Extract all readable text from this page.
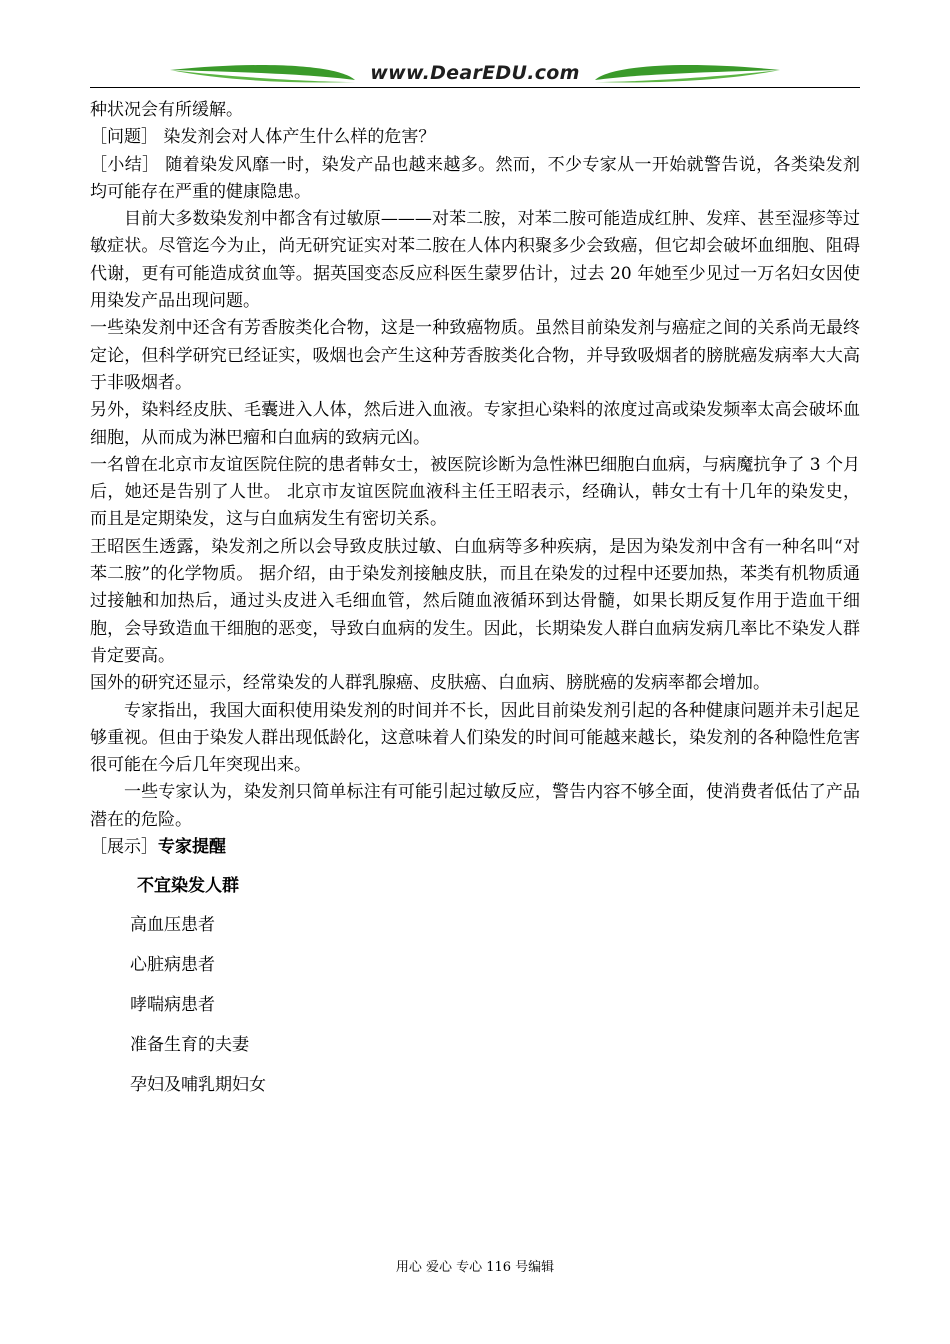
www.DearEDU.com

种状况会有所缓解。

［问题］ 染发剂会对人体产生什么样的危害？

［小结］ 随着染发风靡一时，染发产品也越来越多。然而，不少专家从一开始就警告说，各类染发剂均可能存在严重的健康隐患。

目前大多数染发剂中都含有过敏原———对苯二胺，对苯二胺可能造成红肿、发痒、甚至湿疹等过敏症状。尽管迄今为止，尚无研究证实对苯二胺在人体内积聚多少会致癌，但它却会破坏血细胞、阻碍代谢，更有可能造成贫血等。据英国变态反应科医生蒙罗估计，过去 20 年她至少见过一万名妇女因使用染发产品出现问题。

一些染发剂中还含有芳香胺类化合物，这是一种致癌物质。虽然目前染发剂与癌症之间的关系尚无最终定论，但科学研究已经证实，吸烟也会产生这种芳香胺类化合物，并导致吸烟者的膀胱癌发病率大大高于非吸烟者。

另外，染料经皮肤、毛囊进入人体，然后进入血液。专家担心染料的浓度过高或染发频率太高会破坏血细胞，从而成为淋巴瘤和白血病的致病元凶。

一名曾在北京市友谊医院住院的患者韩女士，被医院诊断为急性淋巴细胞白血病，与病魔抗争了 3 个月后，她还是告别了人世。 北京市友谊医院血液科主任王昭表示，经确认，韩女士有十几年的染发史，而且是定期染发，这与白血病发生有密切关系。

王昭医生透露，染发剂之所以会导致皮肤过敏、白血病等多种疾病，是因为染发剂中含有一种名叫“对苯二胺”的化学物质。 据介绍，由于染发剂接触皮肤，而且在染发的过程中还要加热，苯类有机物质通过接触和加热后，通过头皮进入毛细血管，然后随血液循环到达骨髓，如果长期反复作用于造血干细胞，会导致造血干细胞的恶变，导致白血病的发生。因此，长期染发人群白血病发病几率比不染发人群肯定要高。

国外的研究还显示，经常染发的人群乳腺癌、皮肤癌、白血病、膀胱癌的发病率都会增加。

专家指出，我国大面积使用染发剂的时间并不长，因此目前染发剂引起的各种健康问题并未引起足够重视。但由于染发人群出现低龄化，这意味着人们染发的时间可能越来越长，染发剂的各种隐性危害很可能在今后几年突现出来。

一些专家认为，染发剂只简单标注有可能引起过敏反应，警告内容不够全面，使消费者低估了产品潜在的危险。

［展示］专家提醒

不宜染发人群
高血压患者
心脏病患者
哮喘病患者
准备生育的夫妻
孕妇及哺乳期妇女
用心 爱心 专心 116 号编辑
